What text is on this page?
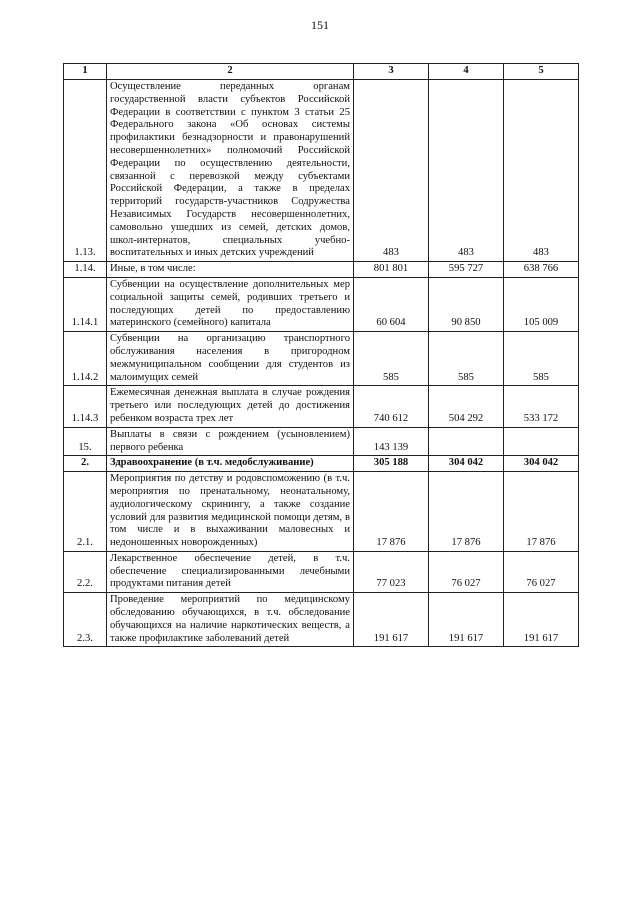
151
1	2	3	4	5
1.13.	Осуществление переданных органам государственной власти субъектов Российской Федерации в соответствии с пунктом 3 статьи 25 Федерального закона «Об основах системы профилактики безнадзорности и правонарушений несовершеннолетних» полномочий Российской Федерации по осуществлению деятельности, связанной с перевозкой между субъектами Российской Федерации, а также в пределах территорий государств-участников Содружества Независимых Государств несовершеннолетних, самовольно ушедших из семей, детских домов, школ-интернатов, специальных учебно-воспитательных и иных детских учреждений	483	483	483
1.14.	Иные, в том числе:	801 801	595 727	638 766
1.14.1	Субвенции на осуществление дополнительных мер социальной защиты семей, родивших третьего и последующих детей по предоставлению материнского (семейного) капитала	60 604	90 850	105 009
1.14.2	Субвенции на организацию транспортного обслуживания населения в пригородном межмуниципальном сообщении для студентов из малоимущих семей	585	585	585
1.14.3	Ежемесячная денежная выплата в случае рождения третьего или последующих детей до достижения ребенком возраста трех лет	740 612	504 292	533 172
15.	Выплаты в связи с рождением (усыновлением) первого ребенка	143 139		
2.	Здравоохранение (в т.ч. медобслуживание)	305 188	304 042	304 042
2.1.	Мероприятия по детству и родовспоможению (в т.ч. мероприятия по пренатальному, неонатальному, аудиологическому скринингу, а также создание условий для развития медицинской помощи детям, в том числе и в выхаживании маловесных и недоношенных новорожденных)	17 876	17 876	17 876
2.2.	Лекарственное обеспечение детей, в т.ч. обеспечение специализированными лечебными продуктами питания детей	77 023	76 027	76 027
2.3.	Проведение мероприятий по медицинскому обследованию обучающихся, в т.ч. обследование обучающихся на наличие наркотических веществ, а также профилактике заболеваний детей	191 617	191 617	191 617
